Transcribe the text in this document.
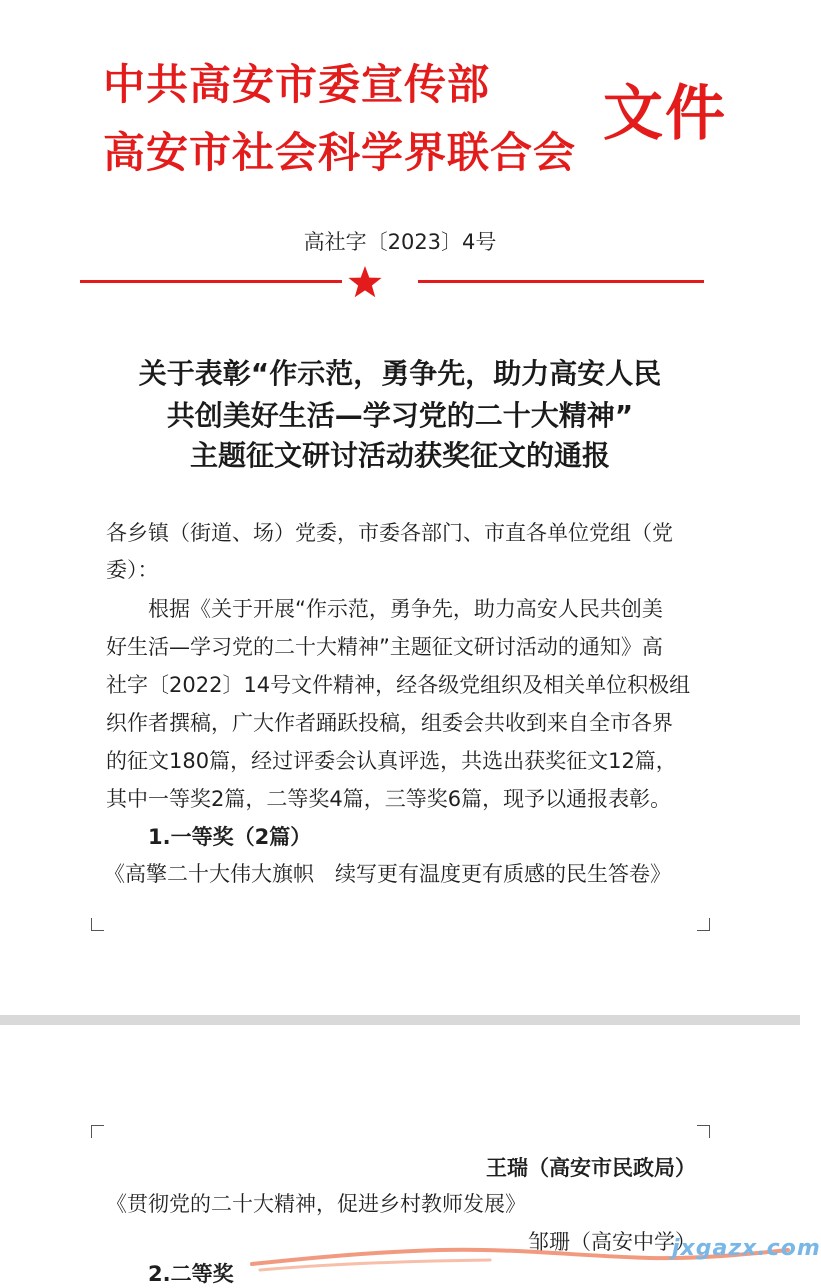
中共高安市委宣传部
高安市社会科学界联合会
文件
高社字〔2023〕4号
关于表彰“作示范，勇争先，助力高安人民
共创美好生活—学习党的二十大精神”
主题征文研讨活动获奖征文的通报
各乡镇（街道、场）党委，市委各部门、市直各单位党组（党
委）：
根据《关于开展“作示范，勇争先，助力高安人民共创美
好生活—学习党的二十大精神”主题征文研讨活动的通知》高
社字〔2022〕14号文件精神，经各级党组织及相关单位积极组
织作者撰稿，广大作者踊跃投稿，组委会共收到来自全市各界
的征文180篇，经过评委会认真评选，共选出获奖征文12篇，
其中一等奖2篇，二等奖4篇，三等奖6篇，现予以通报表彰。
1.一等奖（2篇）
《高擎二十大伟大旗帜　续写更有温度更有质感的民生答卷》
王瑞（高安市民政局）
《贯彻党的二十大精神，促进乡村教师发展》
邹珊（高安中学）
2.二等奖
jxgazx.com
